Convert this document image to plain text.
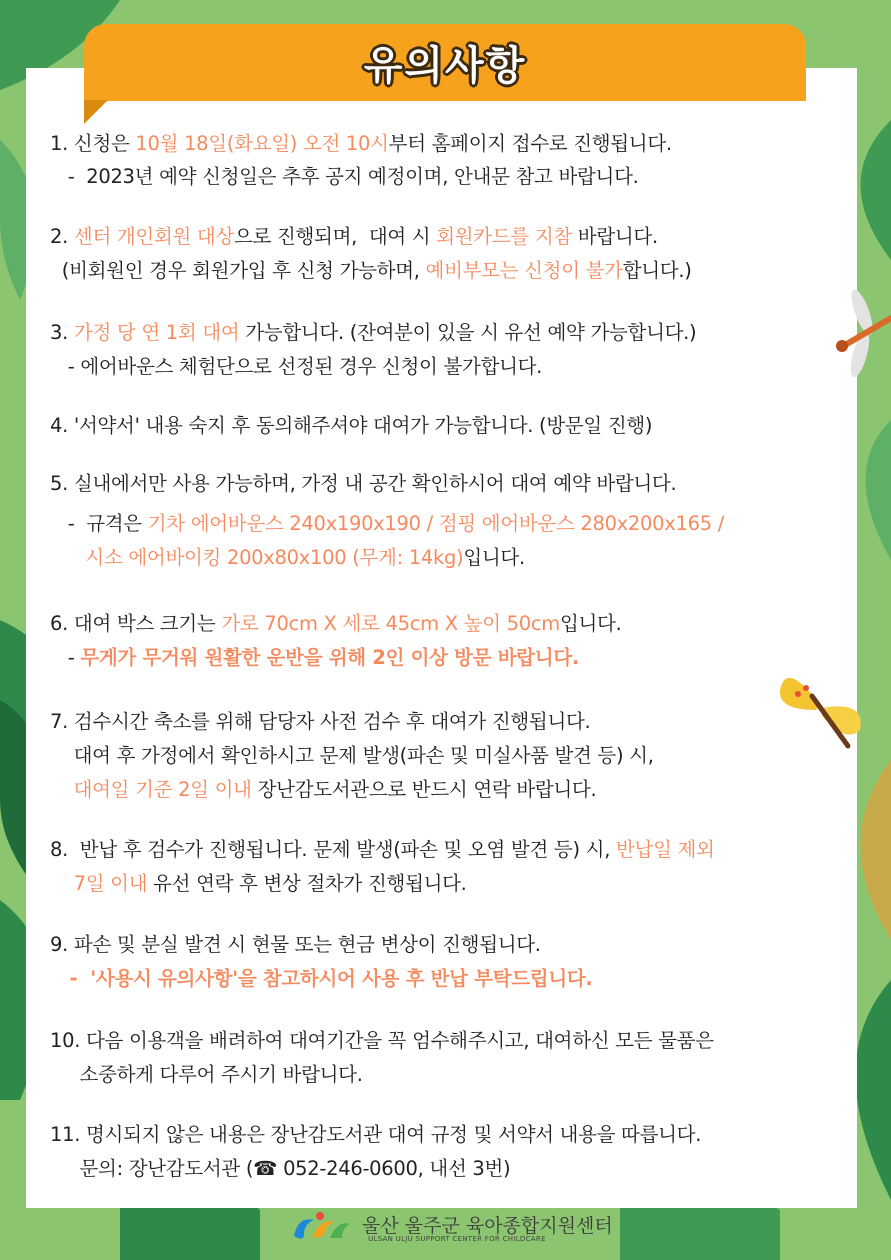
유의사항
1. 신청은 10월 18일(화요일) 오전 10시부터 홈페이지 접수로 진행됩니다.
-  2023년 예약 신청일은 추후 공지 예정이며, 안내문 참고 바랍니다.
2. 센터 개인회원 대상으로 진행되며,  대여 시 회원카드를 지참 바랍니다.
(비회원인 경우 회원가입 후 신청 가능하며, 예비부모는 신청이 불가합니다.)
3. 가정 당 연 1회 대여 가능합니다. (잔여분이 있을 시 유선 예약 가능합니다.)
- 에어바운스 체험단으로 선정된 경우 신청이 불가합니다.
4. '서약서' 내용 숙지 후 동의해주셔야 대여가 가능합니다. (방문일 진행)
5. 실내에서만 사용 가능하며, 가정 내 공간 확인하시어 대여 예약 바랍니다.
-  규격은 기차 에어바운스 240x190x190 / 점핑 에어바운스 280x200x165 /
시소 에어바이킹 200x80x100 (무게: 14kg)입니다.
6. 대여 박스 크기는 가로 70cm X 세로 45cm X 높이 50cm입니다.
- 무게가 무거워 원활한 운반을 위해 2인 이상 방문 바랍니다.
7. 검수시간 축소를 위해 담당자 사전 검수 후 대여가 진행됩니다.
대여 후 가정에서 확인하시고 문제 발생(파손 및 미실사품 발견 등) 시,
대여일 기준 2일 이내 장난감도서관으로 반드시 연락 바랍니다.
8.  반납 후 검수가 진행됩니다. 문제 발생(파손 및 오염 발견 등) 시, 반납일 제외
7일 이내 유선 연락 후 변상 절차가 진행됩니다.
9. 파손 및 분실 발견 시 현물 또는 현금 변상이 진행됩니다.
-  '사용시 유의사항'을 참고하시어 사용 후 반납 부탁드립니다.
10. 다음 이용객을 배려하여 대여기간을 꼭 엄수해주시고, 대여하신 모든 물품은
소중하게 다루어 주시기 바랍니다.
11. 명시되지 않은 내용은 장난감도서관 대여 규정 및 서약서 내용을 따릅니다.
문의: 장난감도서관 (☎ 052-246-0600, 내선 3번)
울산 울주군 육아종합지원센터
ULSAN ULJU SUPPORT CENTER FOR CHILDCARE
